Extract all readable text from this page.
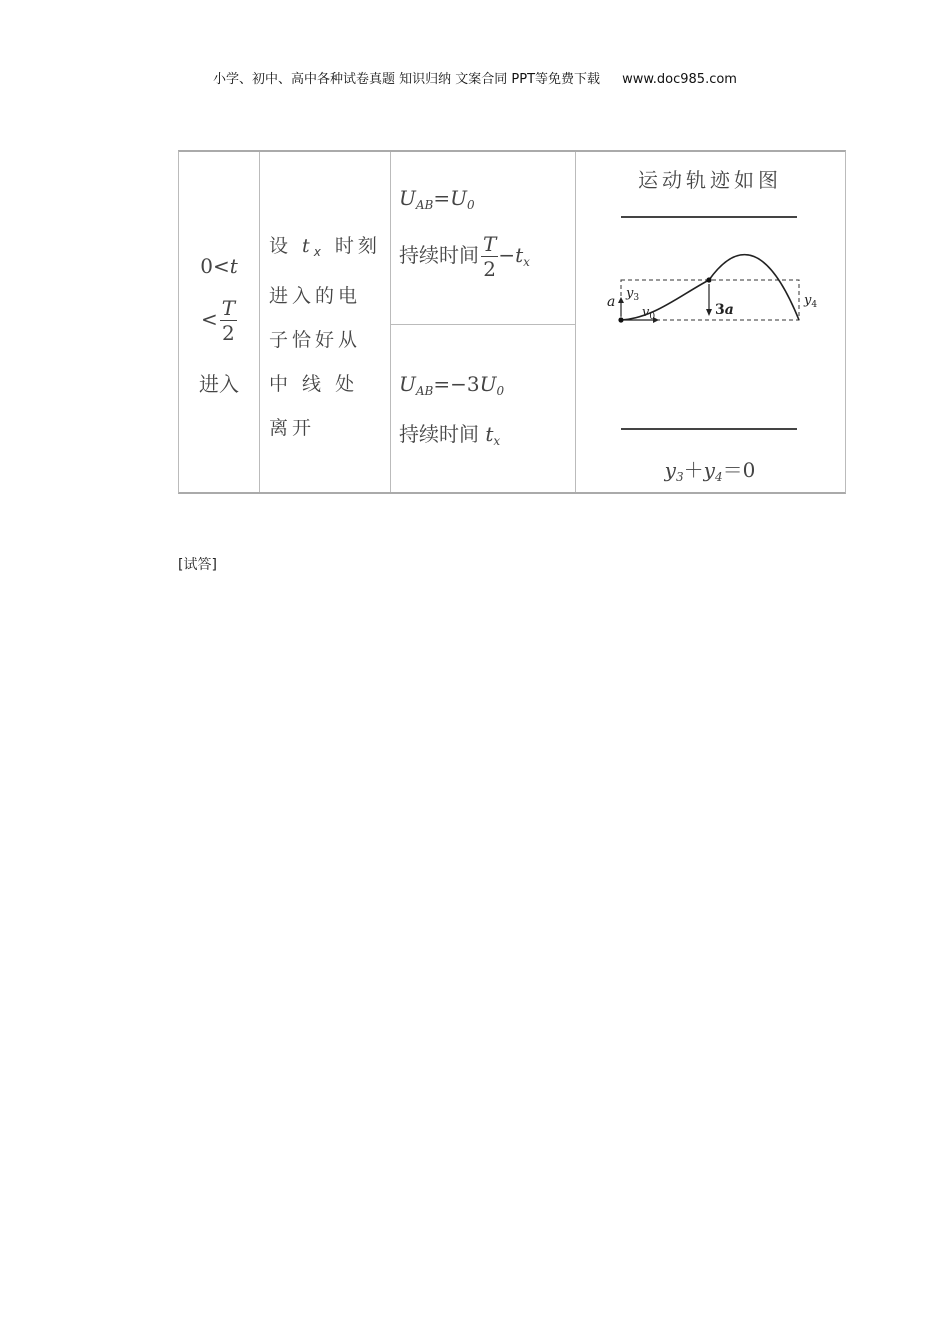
小学、初中、高中各种试卷真题 知识归纳 文案合同 PPT等免费下载 www.doc985.com
0<t
< $\frac{T}{2}$
进入
设 $t_x$ 时刻
进入的电
子恰好从
中 线 处
离开
$U_{AB}=U_0$
持续时间 $\frac{T}{2} -t_x$
$U_{AB}=-3U_0$
持续时间 $t_x$
运动轨迹如图
a
$y_3$
$v_0$	3a
$y_4$
$y_3+y_4=0$
[试答]
